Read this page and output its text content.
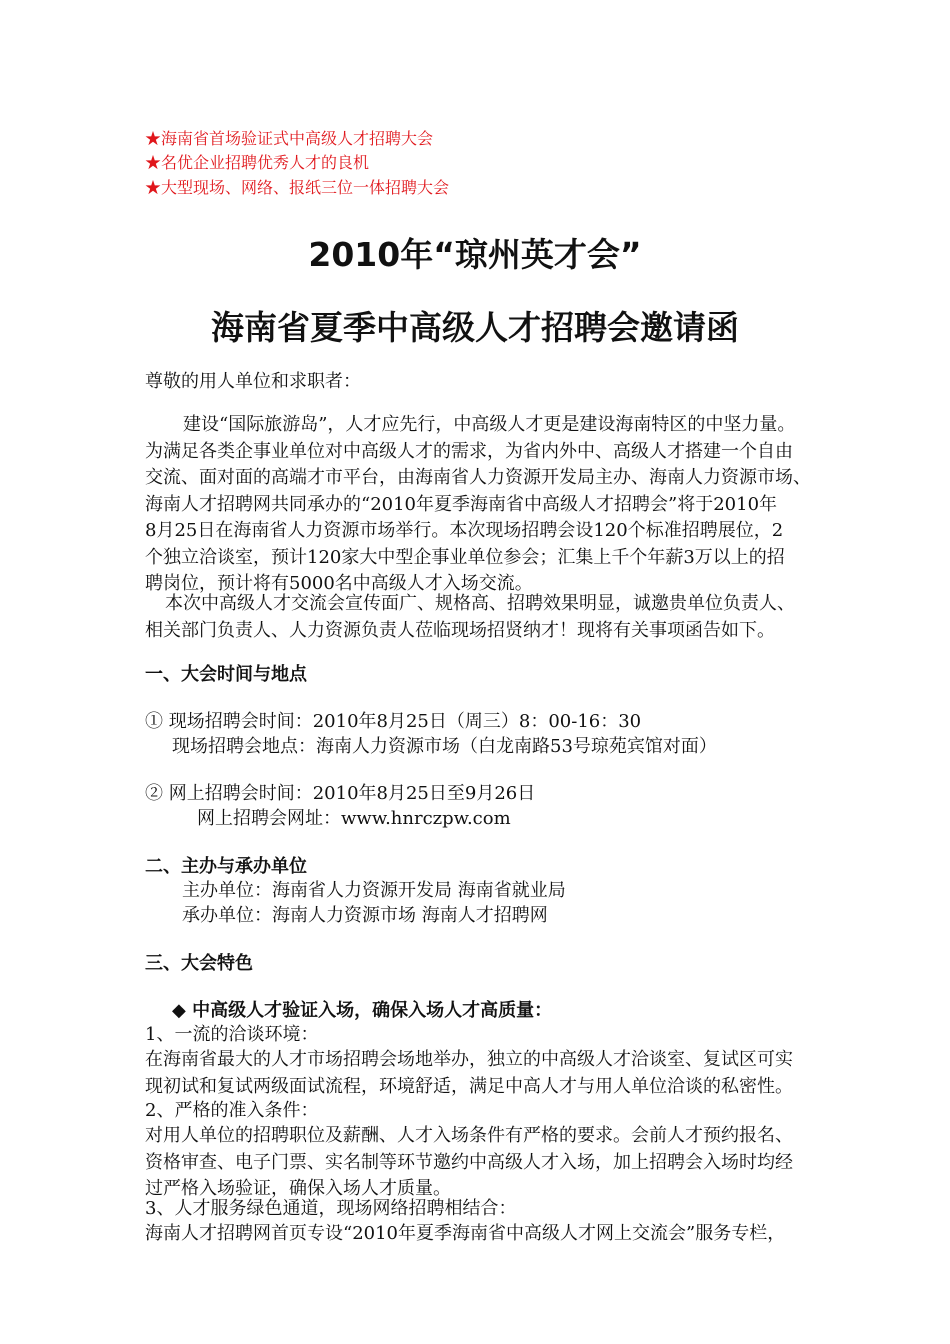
★海南省首场验证式中高级人才招聘大会
★名优企业招聘优秀人才的良机
★大型现场、网络、报纸三位一体招聘大会
2010年“琼州英才会”
海南省夏季中高级人才招聘会邀请函
尊敬的用人单位和求职者：
建设“国际旅游岛”，人才应先行，中高级人才更是建设海南特区的中坚力量。
为满足各类企事业单位对中高级人才的需求，为省内外中、高级人才搭建一个自由
交流、面对面的高端才市平台，由海南省人力资源开发局主办、海南人力资源市场、
海南人才招聘网共同承办的“2010年夏季海南省中高级人才招聘会”将于2010年
8月25日在海南省人力资源市场举行。本次现场招聘会设120个标准招聘展位，2
个独立洽谈室，预计120家大中型企事业单位参会；汇集上千个年薪3万以上的招
聘岗位，预计将有5000名中高级人才入场交流。
本次中高级人才交流会宣传面广、规格高、招聘效果明显，诚邀贵单位负责人、
相关部门负责人、人力资源负责人莅临现场招贤纳才！现将有关事项函告如下。
一、大会时间与地点
① 现场招聘会时间：2010年8月25日（周三）8：00-16：30
现场招聘会地点：海南人力资源市场（白龙南路53号琼苑宾馆对面）
② 网上招聘会时间：2010年8月25日至9月26日
网上招聘会网址：www.hnrczpw.com
二、主办与承办单位
主办单位：海南省人力资源开发局 海南省就业局
承办单位：海南人力资源市场 海南人才招聘网
三、大会特色
◆ 中高级人才验证入场，确保入场人才高质量：
1、一流的洽谈环境：
在海南省最大的人才市场招聘会场地举办，独立的中高级人才洽谈室、复试区可实
现初试和复试两级面试流程，环境舒适，满足中高人才与用人单位洽谈的私密性。
2、严格的准入条件：
对用人单位的招聘职位及薪酬、人才入场条件有严格的要求。会前人才预约报名、
资格审查、电子门票、实名制等环节邀约中高级人才入场，加上招聘会入场时均经
过严格入场验证，确保入场人才质量。
3、人才服务绿色通道，现场网络招聘相结合：
海南人才招聘网首页专设“2010年夏季海南省中高级人才网上交流会”服务专栏，
